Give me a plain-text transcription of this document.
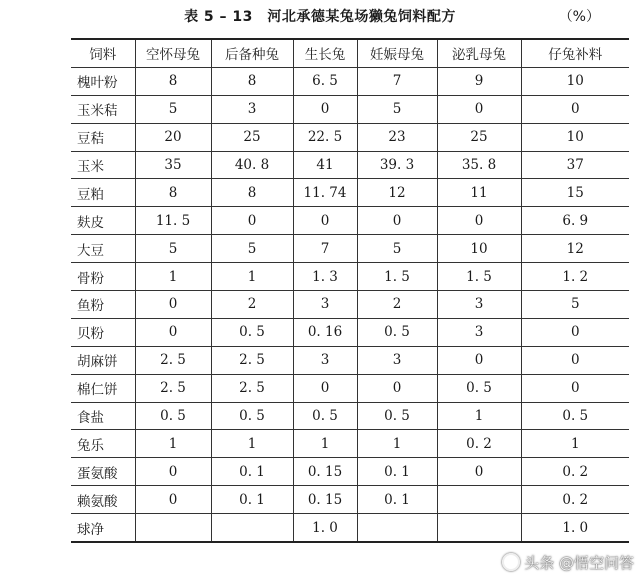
表 5 – 13　河北承德某兔场獭兔饲料配方	（%）
饲料	空怀母兔	后备种兔	生长兔	妊娠母兔	泌乳母兔	仔兔补料
槐叶粉	8	8	6. 5	7	9	10
玉米秸	5	3	0	5	0	0
豆秸	20	25	22. 5	23	25	10
玉米	35	40. 8	41	39. 3	35. 8	37
豆粕	8	8	11. 74	12	11	15
麸皮	11. 5	0	0	0	0	6. 9
大豆	5	5	7	5	10	12
骨粉	1	1	1. 3	1. 5	1. 5	1. 2
鱼粉	0	2	3	2	3	5
贝粉	0	0. 5	0. 16	0. 5	3	0
胡麻饼	2. 5	2. 5	3	3	0	0
棉仁饼	2. 5	2. 5	0	0	0. 5	0
食盐	0. 5	0. 5	0. 5	0. 5	1	0. 5
兔乐	1	1	1	1	0. 2	1
蛋氨酸	0	0. 1	0. 15	0. 1	0	0. 2
赖氨酸	0	0. 1	0. 15	0. 1		0. 2
球净			1. 0			1. 0
头条 @悟空问答
